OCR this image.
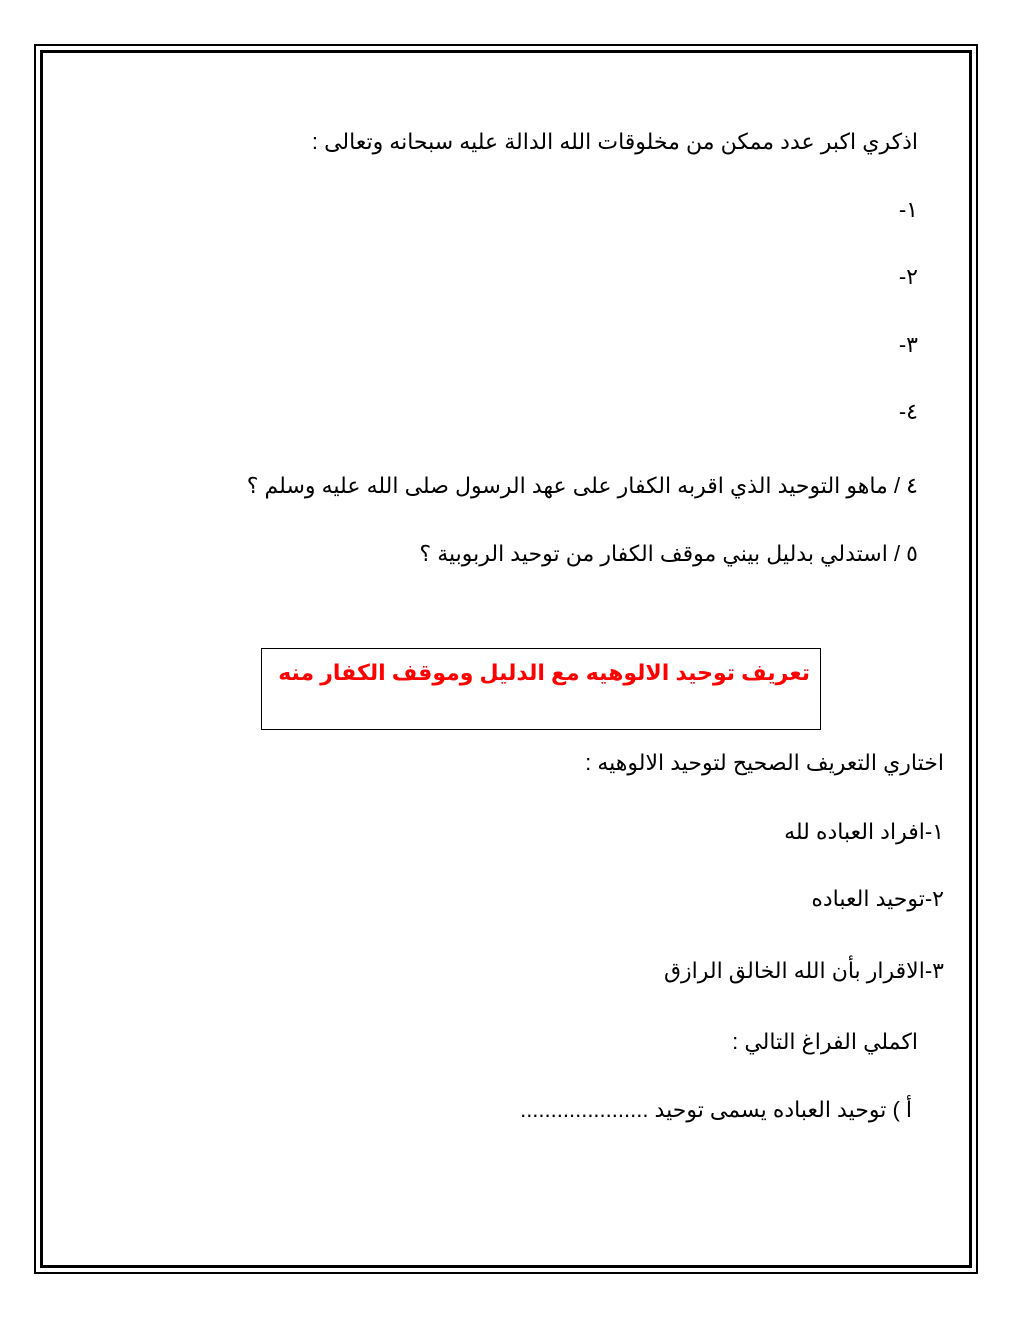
اذكري اكبر عدد ممكن من مخلوقات الله الدالة عليه سبحانه وتعالى :
١-
٢-
٣-
٤-
٤ / ماهو التوحيد الذي اقربه الكفار على عهد الرسول صلى الله عليه وسلم ؟
٥ / استدلي بدليل بيني موقف الكفار من توحيد الربوبية ؟
تعريف توحيد الالوهيه مع الدليل وموقف الكفار منه
اختاري التعريف الصحيح لتوحيد الالوهيه :
١-افراد العباده لله
٢-توحيد العباده
٣-الاقرار بأن الله الخالق الرازق
اكملي الفراغ التالي :
أ ) توحيد العباده يسمى توحيد .....................
